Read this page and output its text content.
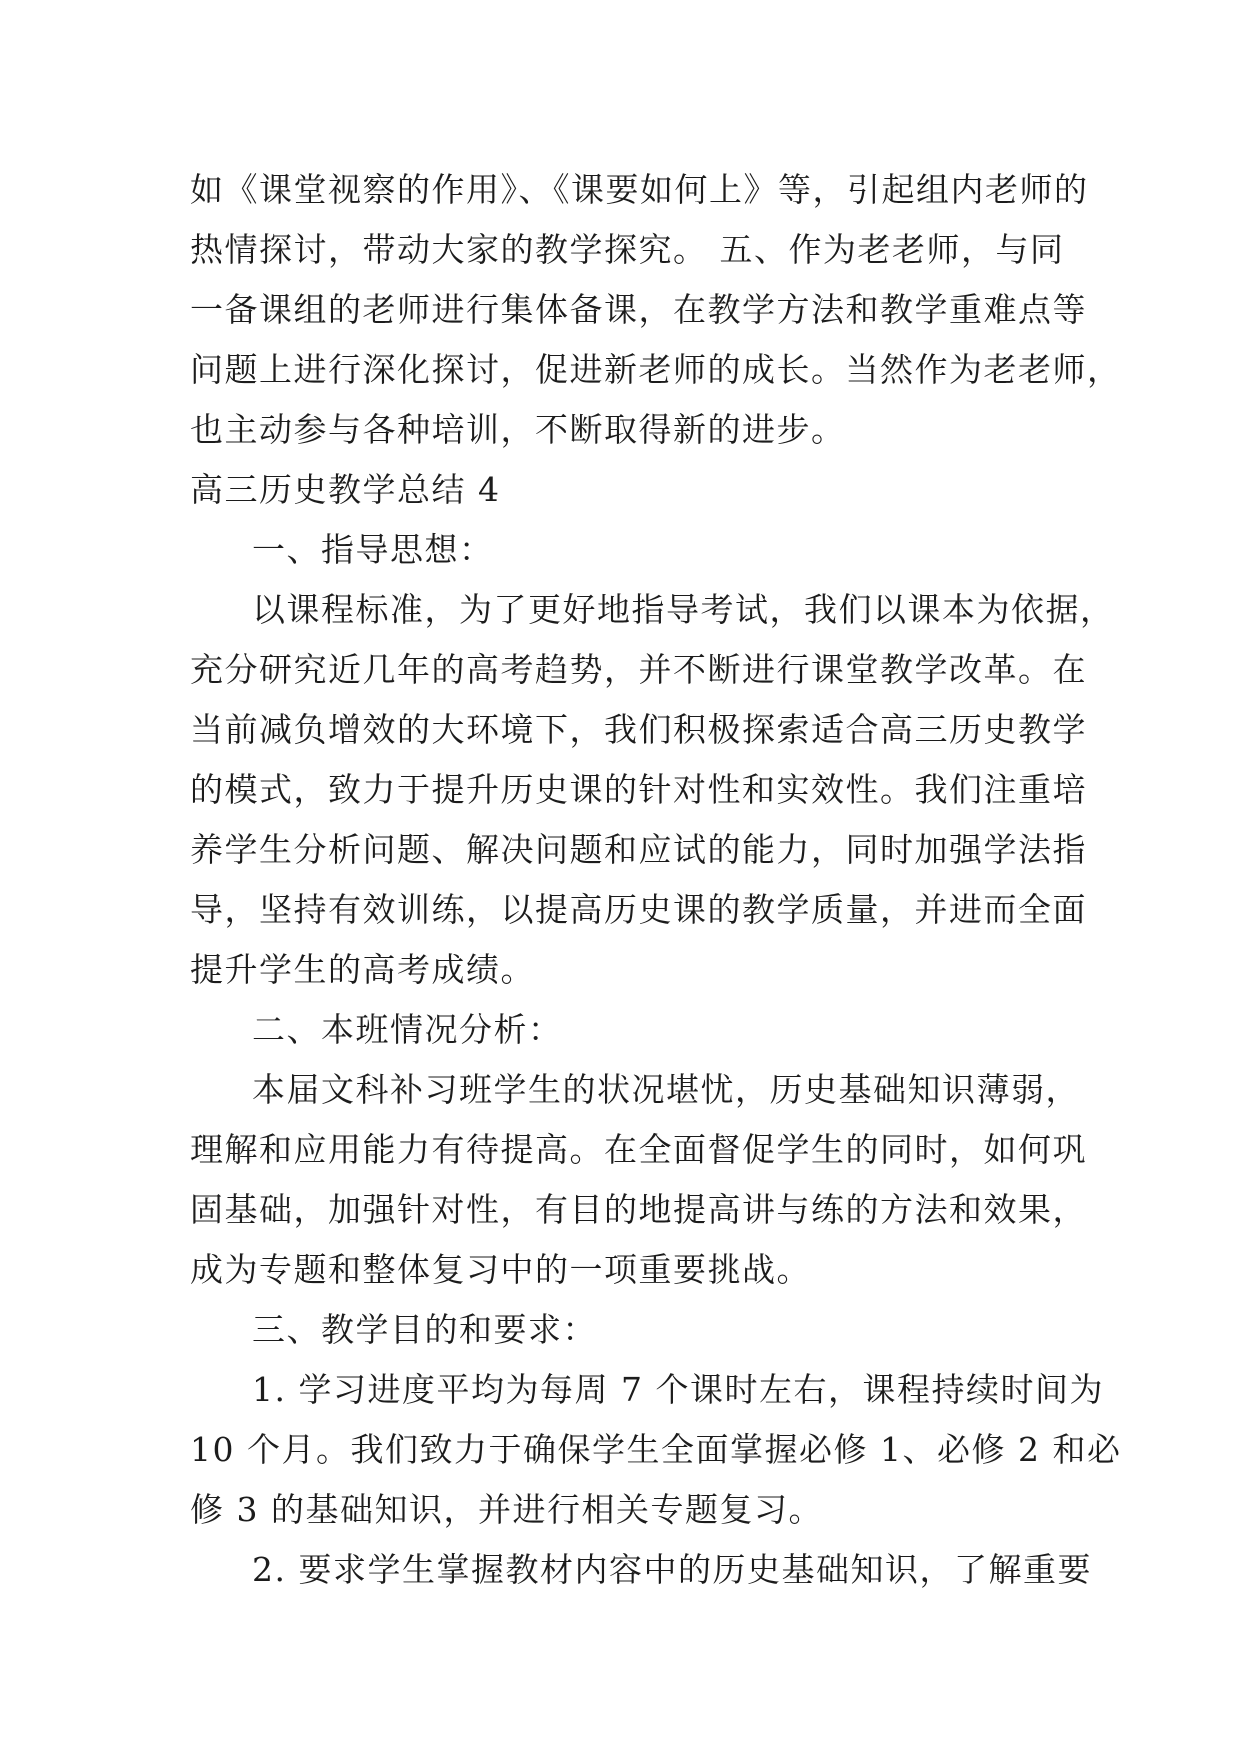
如《课堂视察的作用》、《课要如何上》等，引起组内老师的
热情探讨，带动大家的教学探究。 五、作为老老师，与同
一备课组的老师进行集体备课，在教学方法和教学重难点等
问题上进行深化探讨，促进新老师的成长。当然作为老老师，
也主动参与各种培训，不断取得新的进步。
高三历史教学总结 4
一、指导思想：
以课程标准，为了更好地指导考试，我们以课本为依据，
充分研究近几年的高考趋势，并不断进行课堂教学改革。在
当前减负增效的大环境下，我们积极探索适合高三历史教学
的模式，致力于提升历史课的针对性和实效性。我们注重培
养学生分析问题、解决问题和应试的能力，同时加强学法指
导，坚持有效训练，以提高历史课的教学质量，并进而全面
提升学生的高考成绩。
二、本班情况分析：
本届文科补习班学生的状况堪忧，历史基础知识薄弱，
理解和应用能力有待提高。在全面督促学生的同时，如何巩
固基础，加强针对性，有目的地提高讲与练的方法和效果，
成为专题和整体复习中的一项重要挑战。
三、教学目的和要求：
1. 学习进度平均为每周 7 个课时左右，课程持续时间为
10 个月。我们致力于确保学生全面掌握必修 1、必修 2 和必
修 3 的基础知识，并进行相关专题复习。
2. 要求学生掌握教材内容中的历史基础知识，了解重要
